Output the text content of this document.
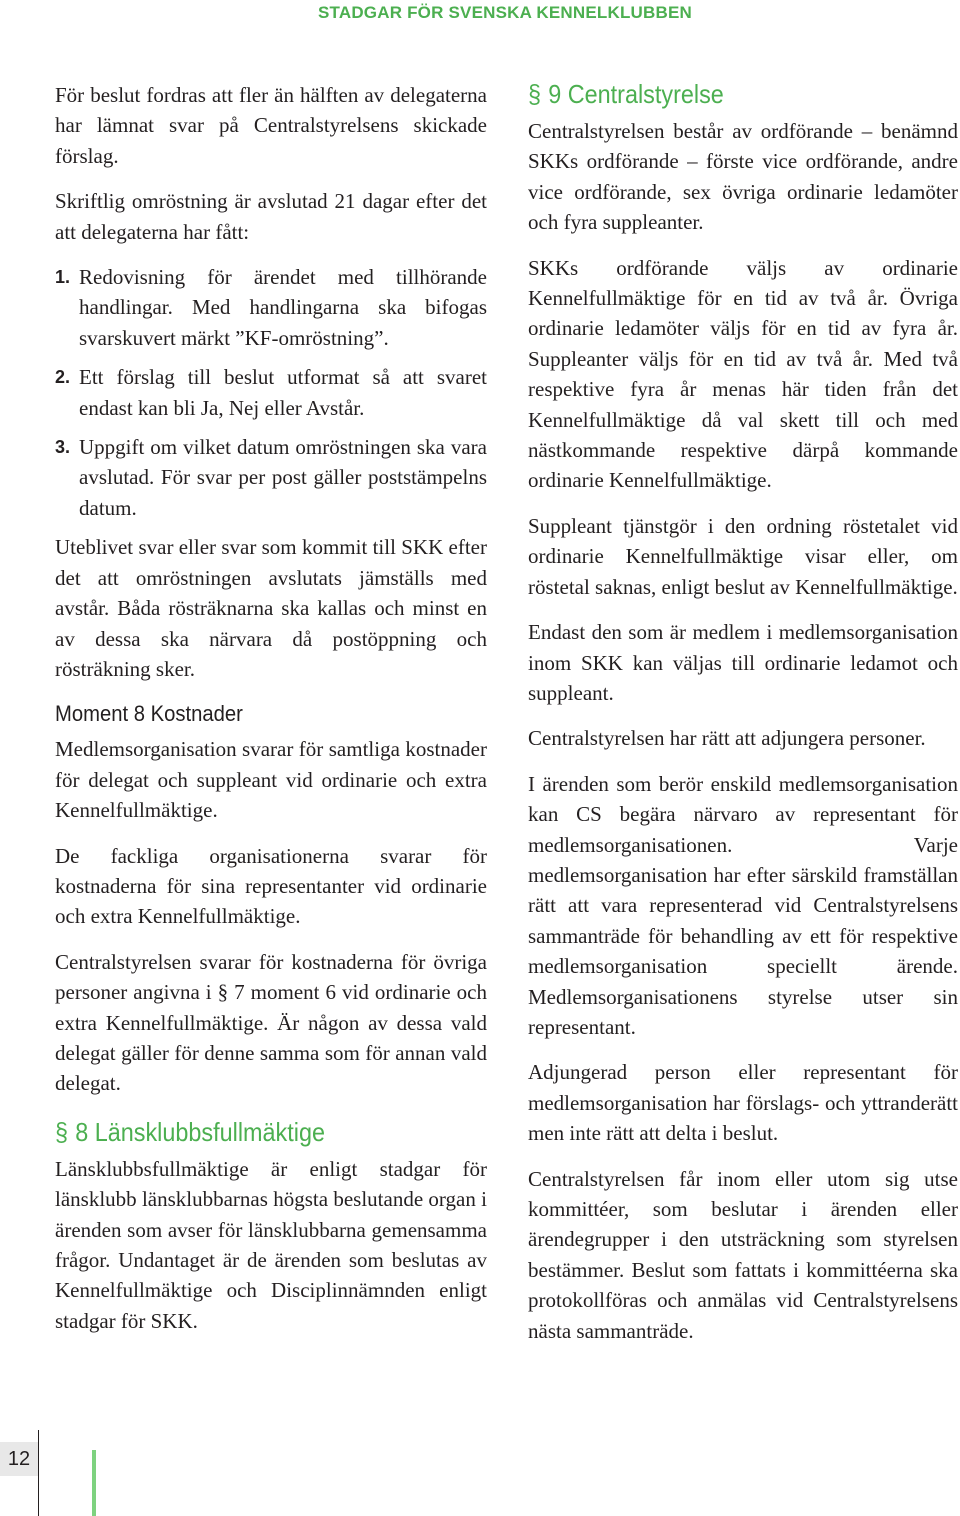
STADGAR FÖR SVENSKA KENNELKLUBBEN

För beslut fordras att fler än hälften av delegaterna har lämnat svar på Centralstyrelsens skickade förslag.

Skriftlig omröstning är avslutad 21 dagar efter det att delegaterna har fått:

1. Redovisning för ärendet med tillhörande handlingar. Med handlingarna ska bifogas svarskuvert märkt ”KF-omröstning”.
2. Ett förslag till beslut utformat så att svaret endast kan bli Ja, Nej eller Avstår.
3. Uppgift om vilket datum omröstningen ska vara avslutad. För svar per post gäller poststämpelns datum.

Uteblivet svar eller svar som kommit till SKK efter det att omröstningen avslutats jämställs med avstår. Båda rösträknarna ska kallas och minst en av dessa ska närvara då postöppning och rösträkning sker.

Moment 8 Kostnader

Medlemsorganisation svarar för samtliga kostnader för delegat och suppleant vid ordinarie och extra Kennelfullmäktige.

De fackliga organisationerna svarar för kostnaderna för sina representanter vid ordinarie och extra Kennelfullmäktige.

Centralstyrelsen svarar för kostnaderna för övriga personer angivna i § 7 moment 6 vid ordinarie och extra Kennelfullmäktige. Är någon av dessa vald delegat gäller för denne samma som för annan vald delegat.

§ 8 Länsklubbsfullmäktige

Länsklubbsfullmäktige är enligt stadgar för länsklubb länsklubbarnas högsta beslutande organ i ärenden som avser för länsklubbarna gemensamma frågor. Undantaget är de ärenden som beslutas av Kennelfullmäktige och Disciplinnämnden enligt stadgar för SKK.

§ 9 Centralstyrelse

Centralstyrelsen består av ordförande – benämnd SKKs ordförande – förste vice ordförande, andre vice ordförande, sex övriga ordinarie ledamöter och fyra suppleanter.

SKKs ordförande väljs av ordinarie Kennelfullmäktige för en tid av två år. Övriga ordinarie ledamöter väljs för en tid av fyra år. Suppleanter väljs för en tid av två år. Med två respektive fyra år menas här tiden från det Kennelfullmäktige då val skett till och med nästkommande respektive därpå kommande ordinarie Kennelfullmäktige.

Suppleant tjänstgör i den ordning röstetalet vid ordinarie Kennelfullmäktige visar eller, om röstetal saknas, enligt beslut av Kennelfullmäktige.

Endast den som är medlem i medlemsorganisation inom SKK kan väljas till ordinarie ledamot och suppleant.

Centralstyrelsen har rätt att adjungera personer.

I ärenden som berör enskild medlemsorganisation kan CS begära närvaro av representant för medlemsorganisationen. Varje medlemsorganisation har efter särskild framställan rätt att vara representerad vid Centralstyrelsens sammanträde för behandling av ett för respektive medlemsorganisation speciellt ärende. Medlemsorganisationens styrelse utser sin representant.

Adjungerad person eller representant för medlemsorganisation har förslags- och yttranderätt men inte rätt att delta i beslut.

Centralstyrelsen får inom eller utom sig utse kommittéer, som beslutar i ärenden eller ärendegrupper i den utsträckning som styrelsen bestämmer. Beslut som fattats i kommittéerna ska protokollföras och anmälas vid Centralstyrelsens nästa sammanträde.

12
